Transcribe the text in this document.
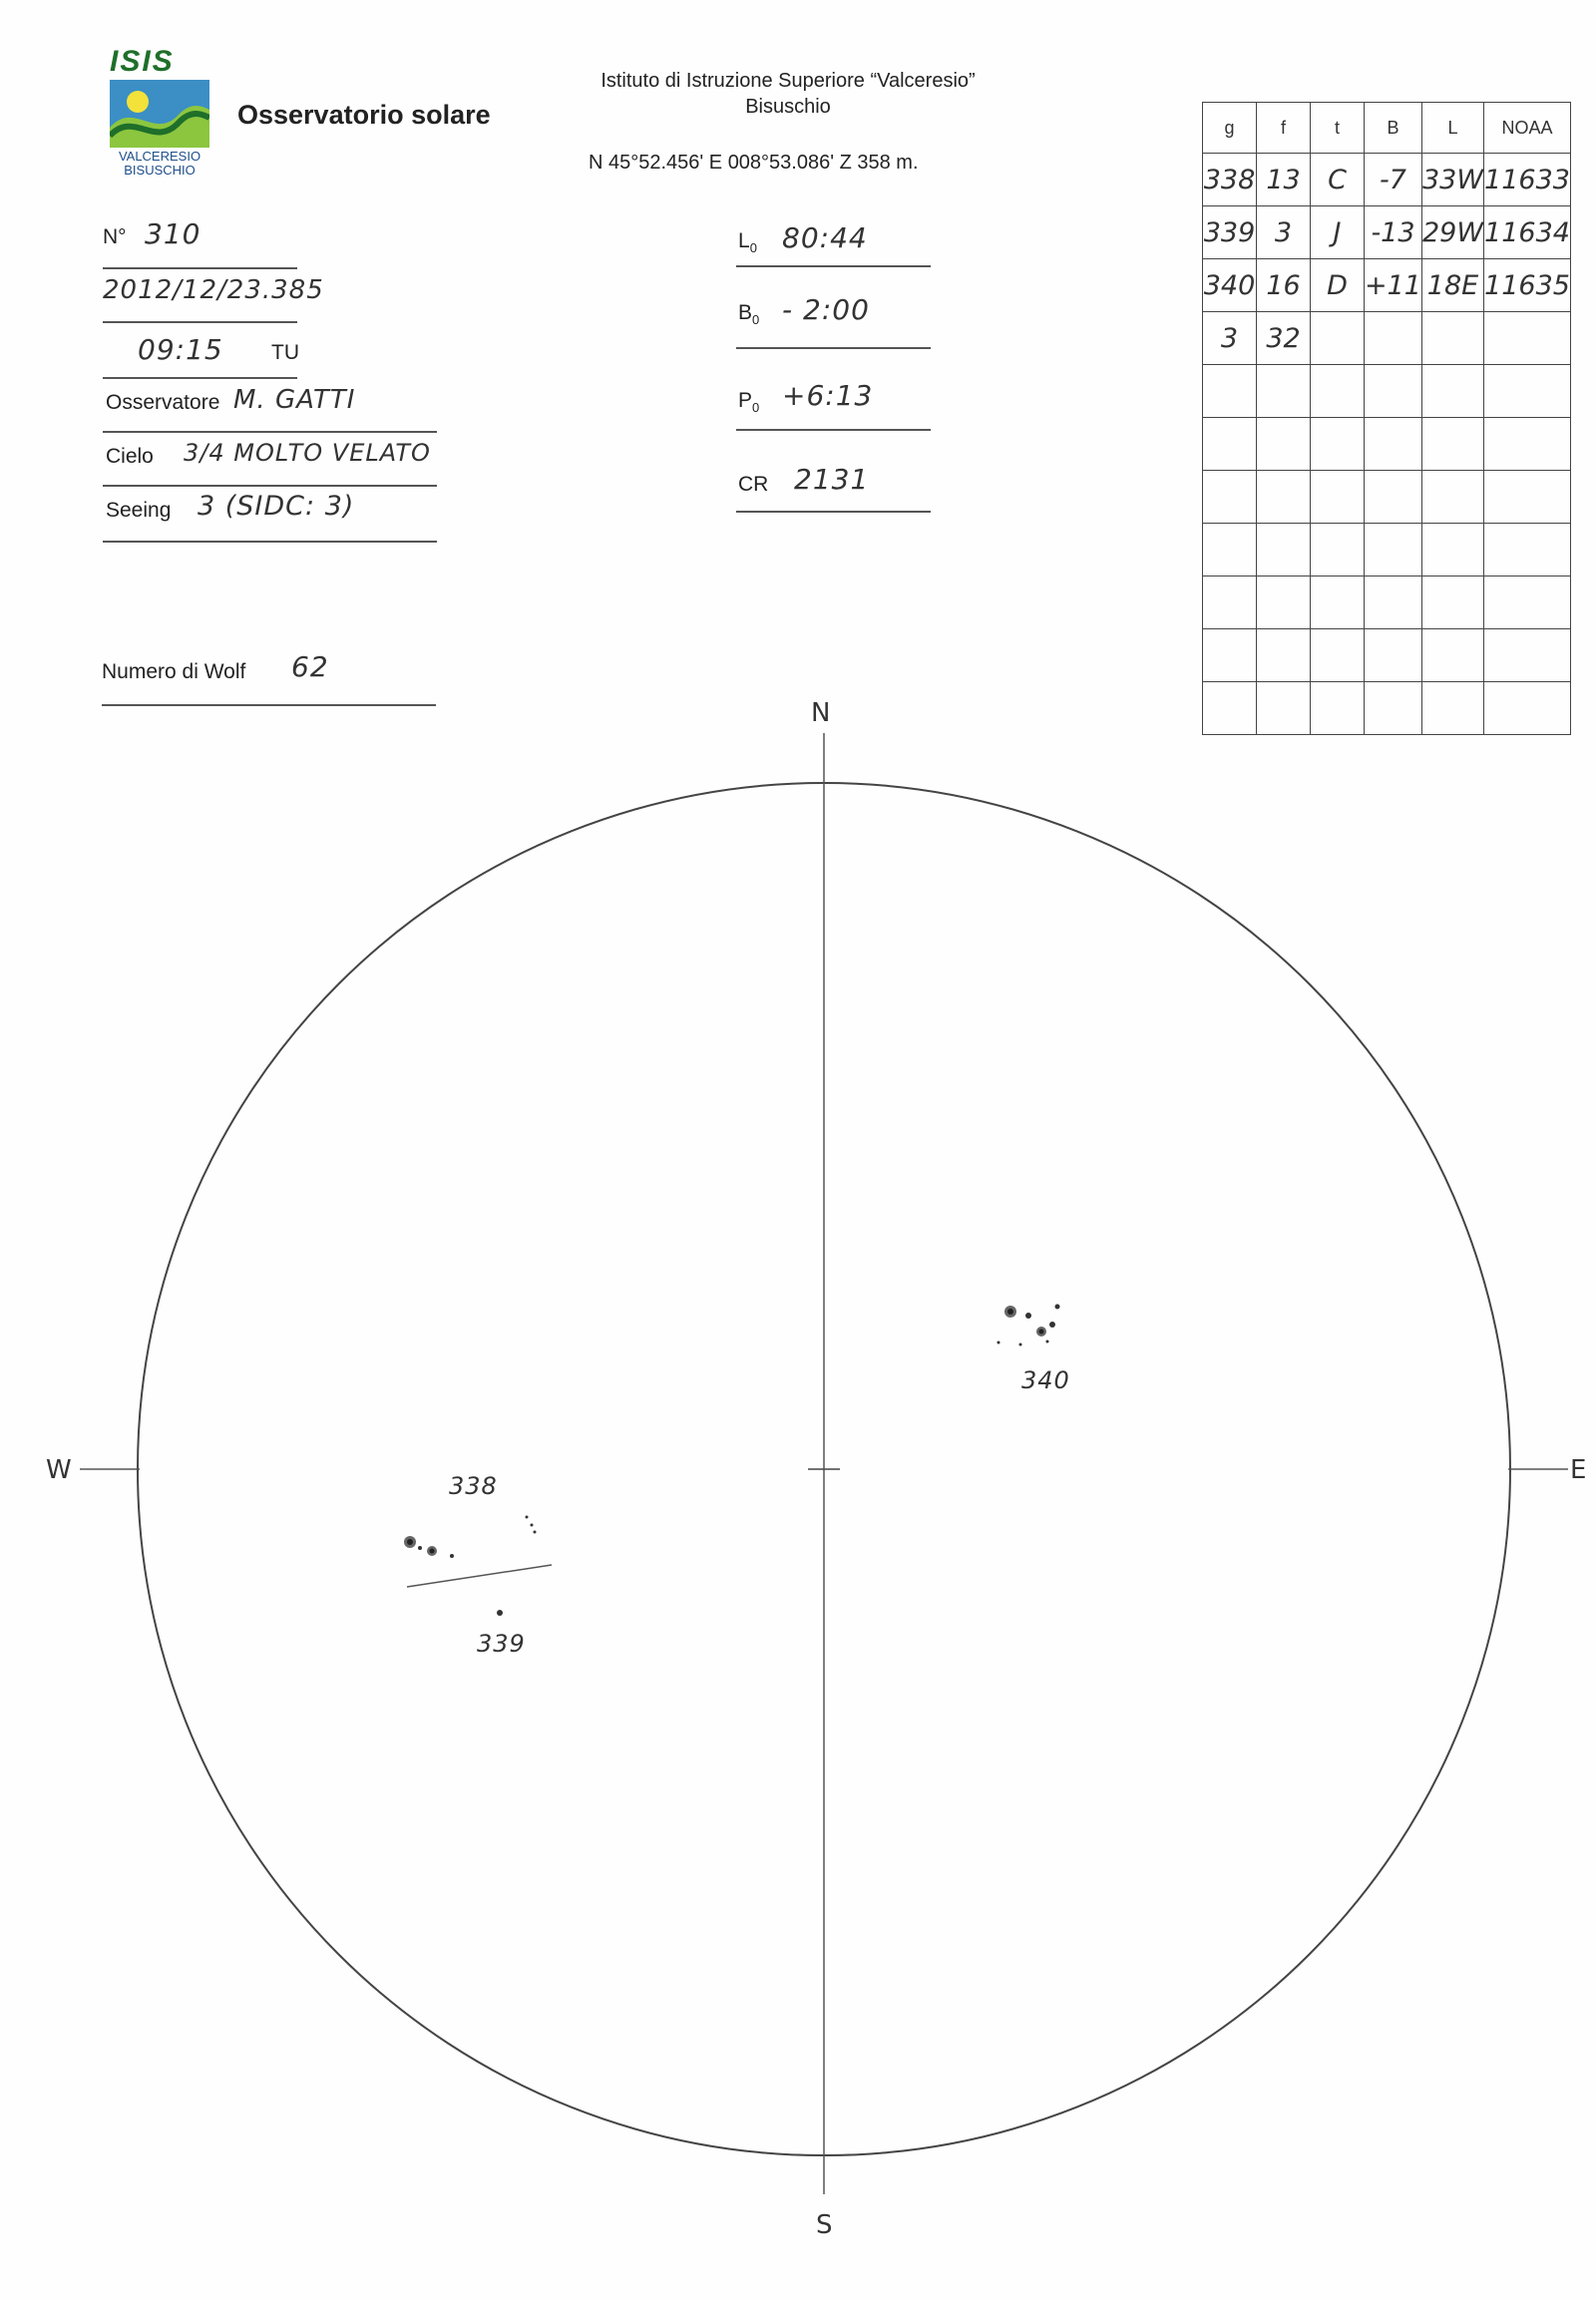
ISIS
VALCERESIO
BISUSCHIO
Osservatorio solare
Istituto di Istruzione Superiore “Valceresio”
Bisuschio
N 45°52.456' E 008°53.086' Z 358 m.
N° 310
2012/12/23.385
09:15 TU
Osservatore M. GATTI
Cielo 3/4 MOLTO VELATO
Seeing 3 (SIDC: 3)
Numero di Wolf 62
$L_0$ 80:44
$B_0$ - 2:00
$P_0$ +6:13
CR 2131
g	f	t	B	L	NOAA
338	13	C	-7	33W	11633
339	3	J	-13	29W	11634
340	16	D	+11	18E	11635
3	32				

N
S
W	E
338
339
340
